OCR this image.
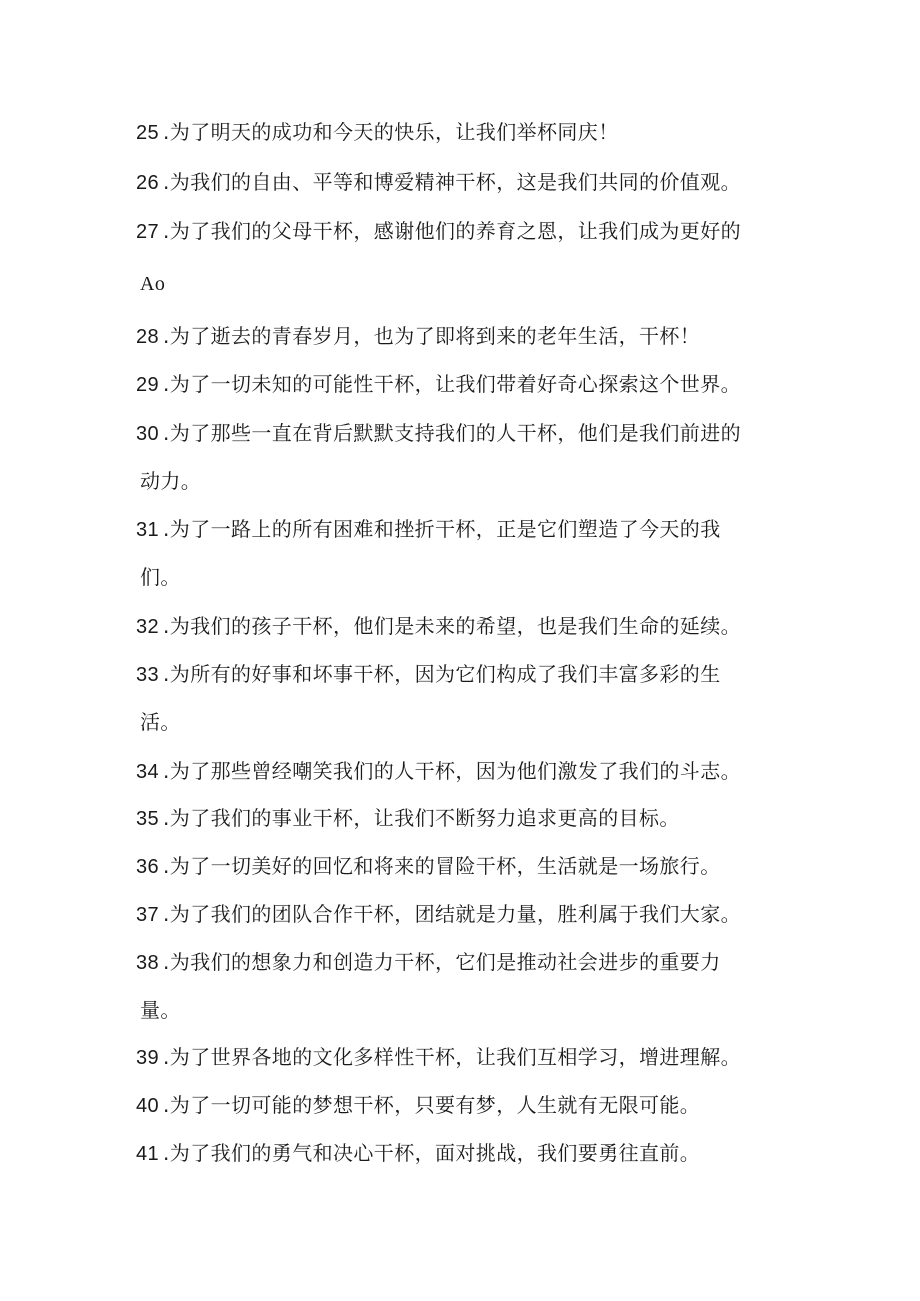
25 .为了明天的成功和今天的快乐，让我们举杯同庆！
26 .为我们的自由、平等和博爱精神干杯，这是我们共同的价值观。
27 .为了我们的父母干杯，感谢他们的养育之恩，让我们成为更好的
Ao
28 .为了逝去的青春岁月，也为了即将到来的老年生活，干杯！
29 .为了一切未知的可能性干杯，让我们带着好奇心探索这个世界。
30 .为了那些一直在背后默默支持我们的人干杯，他们是我们前进的
动力。
31 .为了一路上的所有困难和挫折干杯，正是它们塑造了今天的我
们。
32 .为我们的孩子干杯，他们是未来的希望，也是我们生命的延续。
33 .为所有的好事和坏事干杯，因为它们构成了我们丰富多彩的生
活。
34 .为了那些曾经嘲笑我们的人干杯，因为他们激发了我们的斗志。
35 .为了我们的事业干杯，让我们不断努力追求更高的目标。
36 .为了一切美好的回忆和将来的冒险干杯，生活就是一场旅行。
37 .为了我们的团队合作干杯，团结就是力量，胜利属于我们大家。
38 .为我们的想象力和创造力干杯，它们是推动社会进步的重要力
量。
39 .为了世界各地的文化多样性干杯，让我们互相学习，增进理解。
40 .为了一切可能的梦想干杯，只要有梦，人生就有无限可能。
41 .为了我们的勇气和决心干杯，面对挑战，我们要勇往直前。
